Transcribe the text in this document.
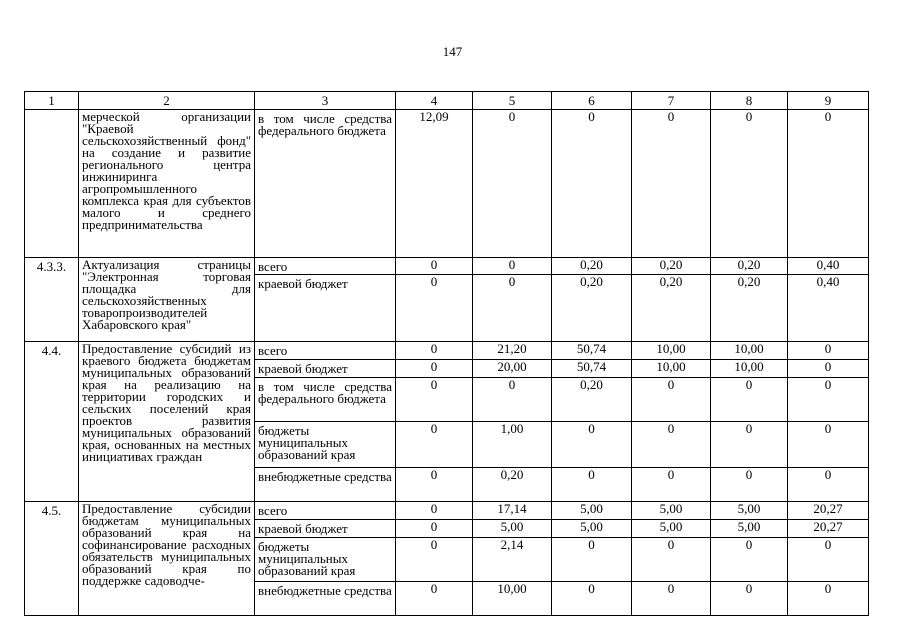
147
1	2	3	4	5	6	7	8	9
	мерческой организации "Краевой сельскохозяйственный фонд" на создание и развитие регионального центра инжиниринга агропромышленного комплекса края для субъектов малого и среднего предпринимательства	в том числе средства федерального бюджета	12,09	0	0	0	0	0
4.3.3.	Актуализация страницы "Электронная торговая площадка для сельскохозяйственных товаропроизводителей Хабаровского края"	всего	0	0	0,20	0,20	0,20	0,40
		краевой бюджет	0	0	0,20	0,20	0,20	0,40
4.4.	Предоставление субсидий из краевого бюджета бюджетам муниципальных образований края на реализацию на территории городских и сельских поселений края проектов развития муниципальных образований края, основанных на местных инициативах граждан	всего	0	21,20	50,74	10,00	10,00	0
		краевой бюджет	0	20,00	50,74	10,00	10,00	0
		в том числе средства федерального бюджета	0	0	0,20	0	0	0
		бюджеты муниципальных образований края	0	1,00	0	0	0	0
		внебюджетные средства	0	0,20	0	0	0	0
4.5.	Предоставление субсидии бюджетам муниципальных образований края на софинансирование расходных обязательств муниципальных образований края по поддержке садоводче-	всего	0	17,14	5,00	5,00	5,00	20,27
		краевой бюджет	0	5,00	5,00	5,00	5,00	20,27
		бюджеты муниципальных образований края	0	2,14	0	0	0	0
		внебюджетные средства	0	10,00	0	0	0	0
